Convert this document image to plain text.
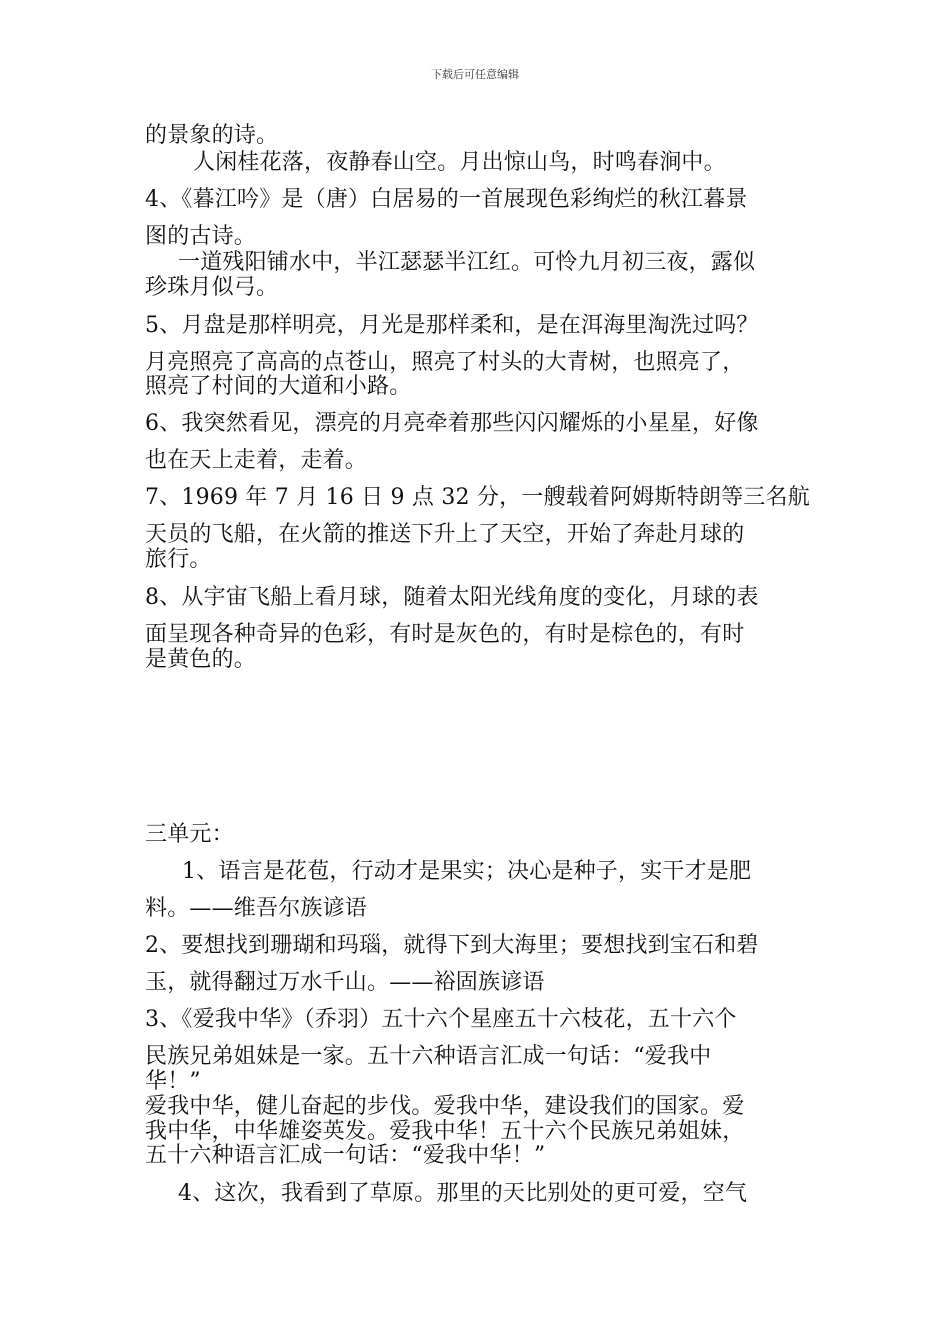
下载后可任意编辑
的景象的诗。
人闲桂花落，夜静春山空。月出惊山鸟，时鸣春涧中。
4、《暮江吟》是（唐）白居易的一首展现色彩绚烂的秋江暮景
图的古诗。
一道残阳铺水中，半江瑟瑟半江红。可怜九月初三夜，露似
珍珠月似弓。
5、月盘是那样明亮，月光是那样柔和，是在洱海里淘洗过吗？
月亮照亮了高高的点苍山，照亮了村头的大青树，也照亮了，
照亮了村间的大道和小路。
6、我突然看见，漂亮的月亮牵着那些闪闪耀烁的小星星，好像
也在天上走着，走着。
7、1969 年 7 月 16 日 9 点 32 分，一艘载着阿姆斯特朗等三名航
天员的飞船，在火箭的推送下升上了天空，开始了奔赴月球的
旅行。
8、从宇宙飞船上看月球，随着太阳光线角度的变化，月球的表
面呈现各种奇异的色彩，有时是灰色的，有时是棕色的，有时
是黄色的。
三单元：
1、语言是花苞，行动才是果实；决心是种子，实干才是肥
料。——维吾尔族谚语
2、要想找到珊瑚和玛瑙，就得下到大海里；要想找到宝石和碧
玉，就得翻过万水千山。——裕固族谚语
3、《爱我中华》（乔羽）五十六个星座五十六枝花，五十六个
民族兄弟姐妹是一家。五十六种语言汇成一句话：“爱我中
华！”
爱我中华，健儿奋起的步伐。爱我中华，建设我们的国家。爱
我中华，中华雄姿英发。爱我中华！五十六个民族兄弟姐妹，
五十六种语言汇成一句话：“爱我中华！”
4、这次，我看到了草原。那里的天比别处的更可爱，空气
